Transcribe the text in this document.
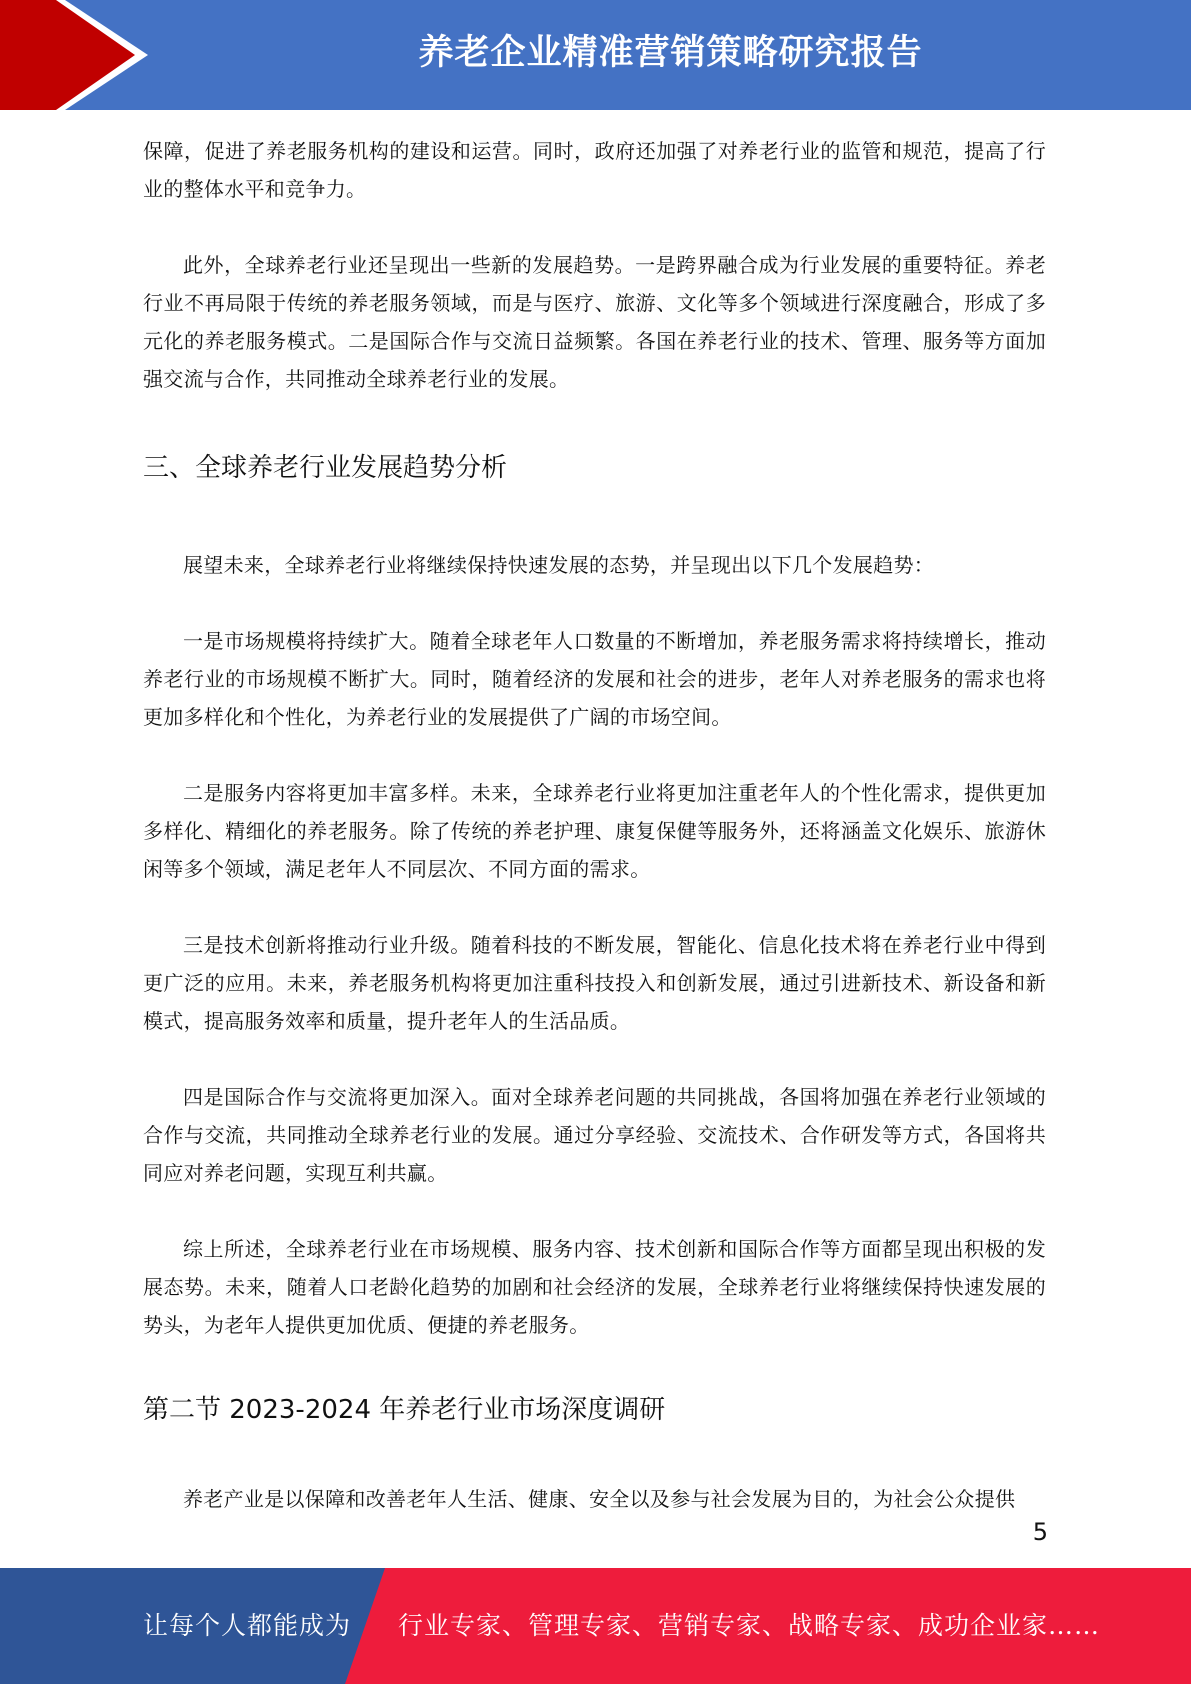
养老企业精准营销策略研究报告

保障，促进了养老服务机构的建设和运营。同时，政府还加强了对养老行业的监管和规范，提高了行业的整体水平和竞争力。

此外，全球养老行业还呈现出一些新的发展趋势。一是跨界融合成为行业发展的重要特征。养老行业不再局限于传统的养老服务领域，而是与医疗、旅游、文化等多个领域进行深度融合，形成了多元化的养老服务模式。二是国际合作与交流日益频繁。各国在养老行业的技术、管理、服务等方面加强交流与合作，共同推动全球养老行业的发展。

三、全球养老行业发展趋势分析

展望未来，全球养老行业将继续保持快速发展的态势，并呈现出以下几个发展趋势：

一是市场规模将持续扩大。随着全球老年人口数量的不断增加，养老服务需求将持续增长，推动养老行业的市场规模不断扩大。同时，随着经济的发展和社会的进步，老年人对养老服务的需求也将更加多样化和个性化，为养老行业的发展提供了广阔的市场空间。

二是服务内容将更加丰富多样。未来，全球养老行业将更加注重老年人的个性化需求，提供更加多样化、精细化的养老服务。除了传统的养老护理、康复保健等服务外，还将涵盖文化娱乐、旅游休闲等多个领域，满足老年人不同层次、不同方面的需求。

三是技术创新将推动行业升级。随着科技的不断发展，智能化、信息化技术将在养老行业中得到更广泛的应用。未来，养老服务机构将更加注重科技投入和创新发展，通过引进新技术、新设备和新模式，提高服务效率和质量，提升老年人的生活品质。

四是国际合作与交流将更加深入。面对全球养老问题的共同挑战，各国将加强在养老行业领域的合作与交流，共同推动全球养老行业的发展。通过分享经验、交流技术、合作研发等方式，各国将共同应对养老问题，实现互利共赢。

综上所述，全球养老行业在市场规模、服务内容、技术创新和国际合作等方面都呈现出积极的发展态势。未来，随着人口老龄化趋势的加剧和社会经济的发展，全球养老行业将继续保持快速发展的势头，为老年人提供更加优质、便捷的养老服务。

第二节 2023-2024 年养老行业市场深度调研

养老产业是以保障和改善老年人生活、健康、安全以及参与社会发展为目的，为社会公众提供

5
让每个人都能成为 行业专家、管理专家、营销专家、战略专家、成功企业家……
